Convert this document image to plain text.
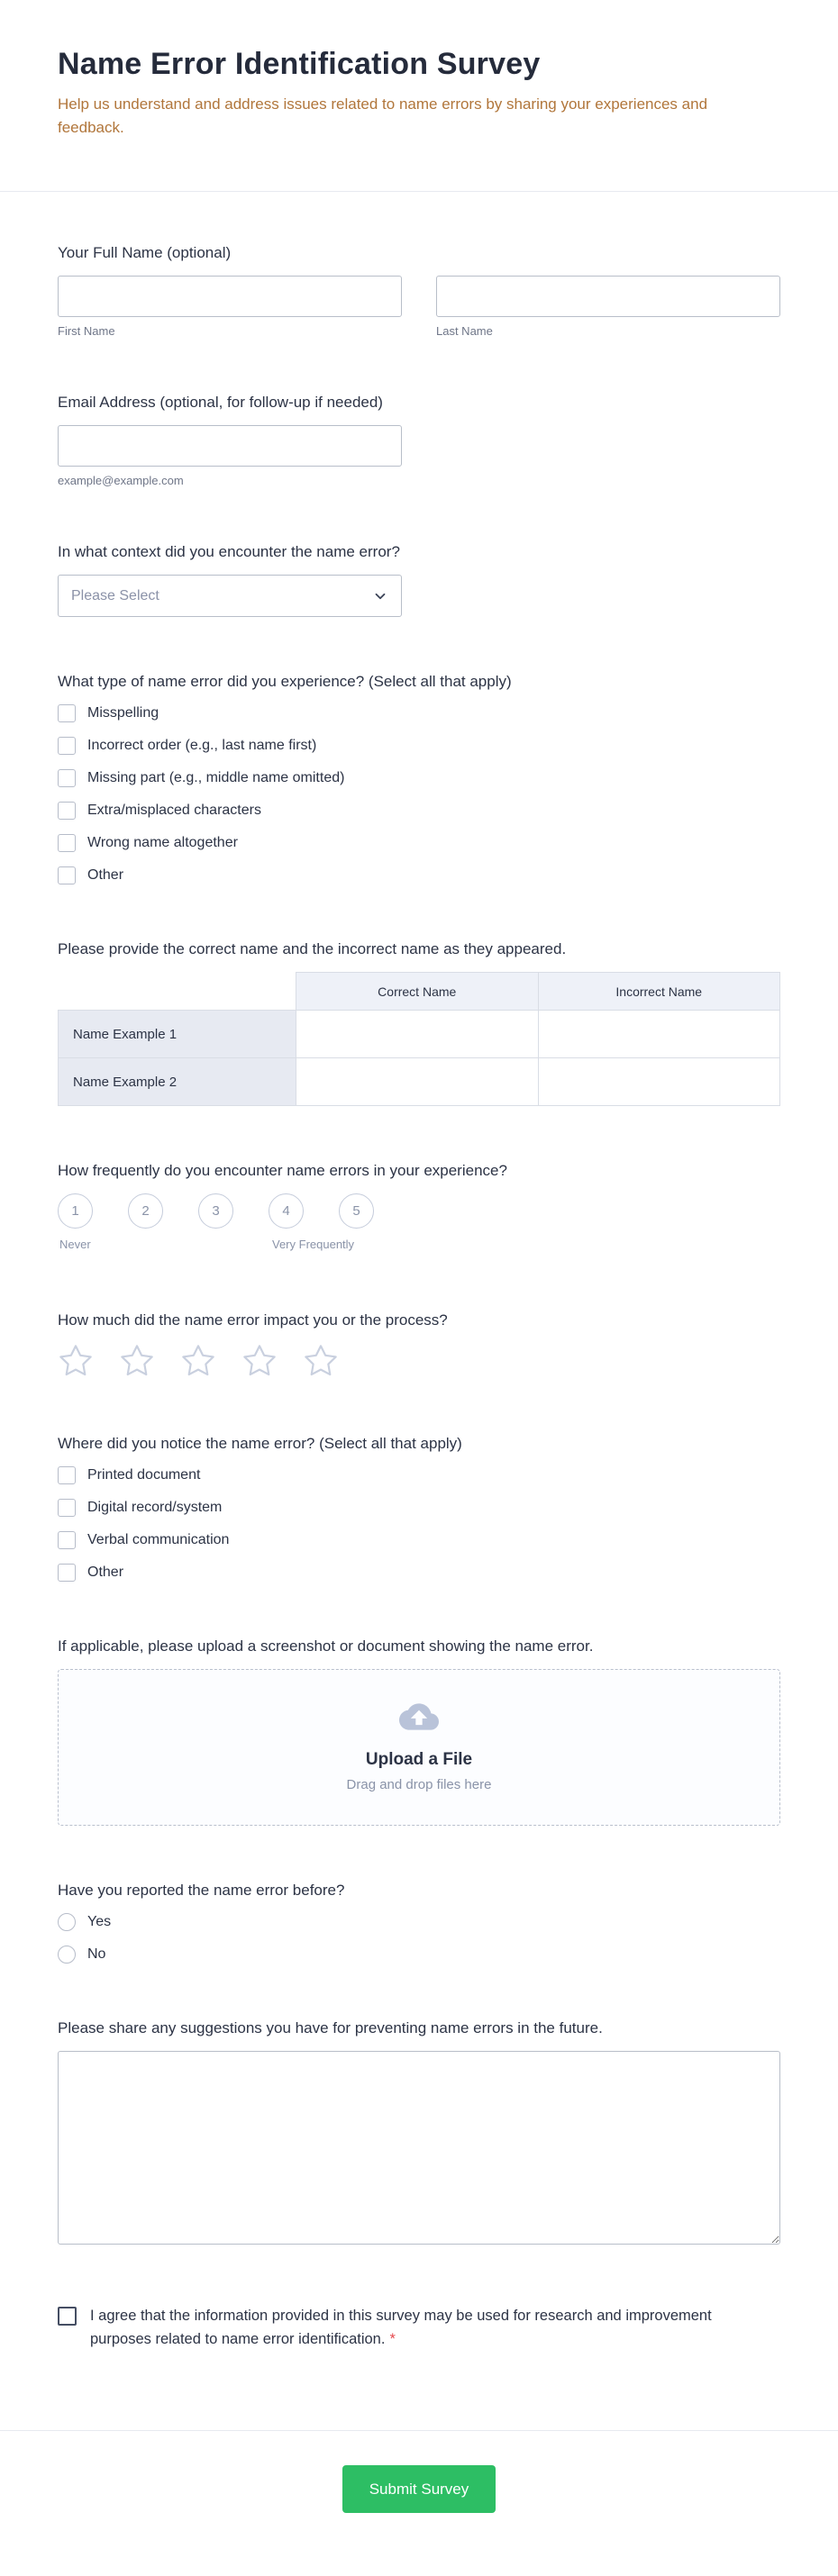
Name Error Identification Survey

Help us understand and address issues related to name errors by sharing your experiences and feedback.

Your Full Name (optional)
First Name	Last Name
Email Address (optional, for follow-up if needed)
example@example.com
In what context did you encounter the name error?
Please Select
What type of name error did you experience? (Select all that apply)
Misspelling
Incorrect order (e.g., last name first)
Missing part (e.g., middle name omitted)
Extra/misplaced characters
Wrong name altogether
Other
Please provide the correct name and the incorrect name as they appeared.
	Correct Name	Incorrect Name
Name Example 1		
Name Example 2		
How frequently do you encounter name errors in your experience?
1	2	3	4	5
Never	Very Frequently
How much did the name error impact you or the process?
Where did you notice the name error? (Select all that apply)
Printed document
Digital record/system
Verbal communication
Other
If applicable, please upload a screenshot or document showing the name error.
Upload a File
Drag and drop files here
Have you reported the name error before?
Yes
No
Please share any suggestions you have for preventing name errors in the future.
I agree that the information provided in this survey may be used for research and improvement purposes related to name error identification. *
Submit Survey
